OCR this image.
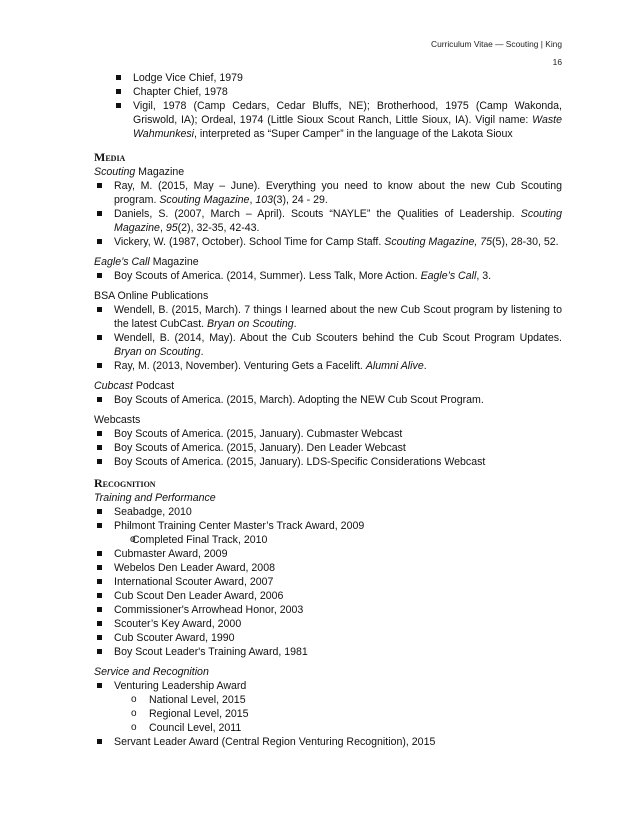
Curriculum Vitae — Scouting | King
16
Lodge Vice Chief, 1979
Chapter Chief, 1978
Vigil, 1978 (Camp Cedars, Cedar Bluffs, NE); Brotherhood, 1975 (Camp Wakonda, Griswold, IA); Ordeal, 1974 (Little Sioux Scout Ranch, Little Sioux, IA). Vigil name: Waste Wahmunkesi, interpreted as “Super Camper” in the language of the Lakota Sioux
Media
Scouting Magazine
Ray, M. (2015, May – June). Everything you need to know about the new Cub Scouting program. Scouting Magazine, 103(3), 24 - 29.
Daniels, S. (2007, March – April). Scouts “NAYLE” the Qualities of Leadership. Scouting Magazine, 95(2), 32-35, 42-43.
Vickery, W. (1987, October). School Time for Camp Staff. Scouting Magazine, 75(5), 28-30, 52.
Eagle’s Call Magazine
Boy Scouts of America. (2014, Summer). Less Talk, More Action. Eagle’s Call, 3.
BSA Online Publications
Wendell, B. (2015, March). 7 things I learned about the new Cub Scout program by listening to the latest CubCast. Bryan on Scouting.
Wendell, B. (2014, May). About the Cub Scouters behind the Cub Scout Program Updates. Bryan on Scouting.
Ray, M. (2013, November). Venturing Gets a Facelift. Alumni Alive.
Cubcast Podcast
Boy Scouts of America. (2015, March). Adopting the NEW Cub Scout Program.
Webcasts
Boy Scouts of America. (2015, January). Cubmaster Webcast
Boy Scouts of America. (2015, January). Den Leader Webcast
Boy Scouts of America. (2015, January). LDS-Specific Considerations Webcast
Recognition
Training and Performance
Seabadge, 2010
Philmont Training Center Master’s Track Award, 2009
o Completed Final Track, 2010
Cubmaster Award, 2009
Webelos Den Leader Award, 2008
International Scouter Award, 2007
Cub Scout Den Leader Award, 2006
Commissioner's Arrowhead Honor, 2003
Scouter’s Key Award, 2000
Cub Scouter Award, 1990
Boy Scout Leader's Training Award, 1981
Service and Recognition
Venturing Leadership Award
o National Level, 2015
o Regional Level, 2015
o Council Level, 2011
Servant Leader Award (Central Region Venturing Recognition), 2015
